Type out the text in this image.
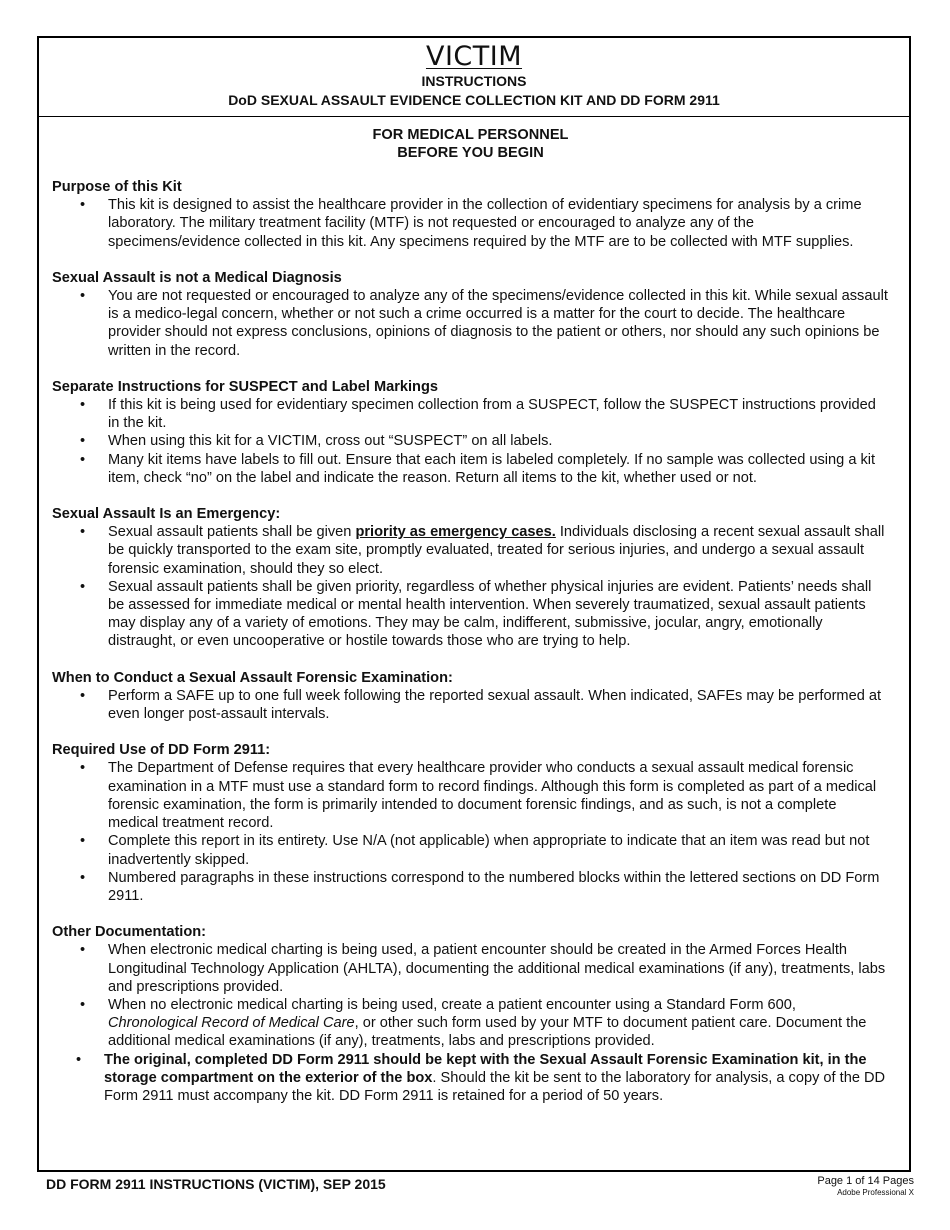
VICTIM
INSTRUCTIONS
DoD SEXUAL ASSAULT EVIDENCE COLLECTION KIT AND DD FORM 2911
FOR MEDICAL PERSONNEL
BEFORE YOU BEGIN
Purpose of this Kit
• This kit is designed to assist the healthcare provider in the collection of evidentiary specimens for analysis by a crime laboratory. The military treatment facility (MTF) is not requested or encouraged to analyze any of the specimens/evidence collected in this kit. Any specimens required by the MTF are to be collected with MTF supplies.
Sexual Assault is not a Medical Diagnosis
• You are not requested or encouraged to analyze any of the specimens/evidence collected in this kit. While sexual assault is a medico-legal concern, whether or not such a crime occurred is a matter for the court to decide. The healthcare provider should not express conclusions, opinions of diagnosis to the patient or others, nor should any such opinions be written in the record.
Separate Instructions for SUSPECT and Label Markings
• If this kit is being used for evidentiary specimen collection from a SUSPECT, follow the SUSPECT instructions provided in the kit.
• When using this kit for a VICTIM, cross out “SUSPECT” on all labels.
• Many kit items have labels to fill out. Ensure that each item is labeled completely. If no sample was collected using a kit item, check “no” on the label and indicate the reason. Return all items to the kit, whether used or not.
Sexual Assault Is an Emergency:
• Sexual assault patients shall be given priority as emergency cases. Individuals disclosing a recent sexual assault shall be quickly transported to the exam site, promptly evaluated, treated for serious injuries, and undergo a sexual assault forensic examination, should they so elect.
• Sexual assault patients shall be given priority, regardless of whether physical injuries are evident. Patients’ needs shall be assessed for immediate medical or mental health intervention. When severely traumatized, sexual assault patients may display any of a variety of emotions. They may be calm, indifferent, submissive, jocular, angry, emotionally distraught, or even uncooperative or hostile towards those who are trying to help.
When to Conduct a Sexual Assault Forensic Examination:
• Perform a SAFE up to one full week following the reported sexual assault. When indicated, SAFEs may be performed at even longer post-assault intervals.
Required Use of DD Form 2911:
• The Department of Defense requires that every healthcare provider who conducts a sexual assault medical forensic examination in a MTF must use a standard form to record findings. Although this form is completed as part of a medical forensic examination, the form is primarily intended to document forensic findings, and as such, is not a complete medical treatment record.
• Complete this report in its entirety. Use N/A (not applicable) when appropriate to indicate that an item was read but not inadvertently skipped.
• Numbered paragraphs in these instructions correspond to the numbered blocks within the lettered sections on DD Form 2911.
Other Documentation:
• When electronic medical charting is being used, a patient encounter should be created in the Armed Forces Health Longitudinal Technology Application (AHLTA), documenting the additional medical examinations (if any), treatments, labs and prescriptions provided.
• When no electronic medical charting is being used, create a patient encounter using a Standard Form 600, Chronological Record of Medical Care, or other such form used by your MTF to document patient care. Document the additional medical examinations (if any), treatments, labs and prescriptions provided.
• The original, completed DD Form 2911 should be kept with the Sexual Assault Forensic Examination kit, in the storage compartment on the exterior of the box. Should the kit be sent to the laboratory for analysis, a copy of the DD Form 2911 must accompany the kit. DD Form 2911 is retained for a period of 50 years.
DD FORM 2911 INSTRUCTIONS (VICTIM), SEP 2015	Page 1 of 14 Pages
Adobe Professional X
